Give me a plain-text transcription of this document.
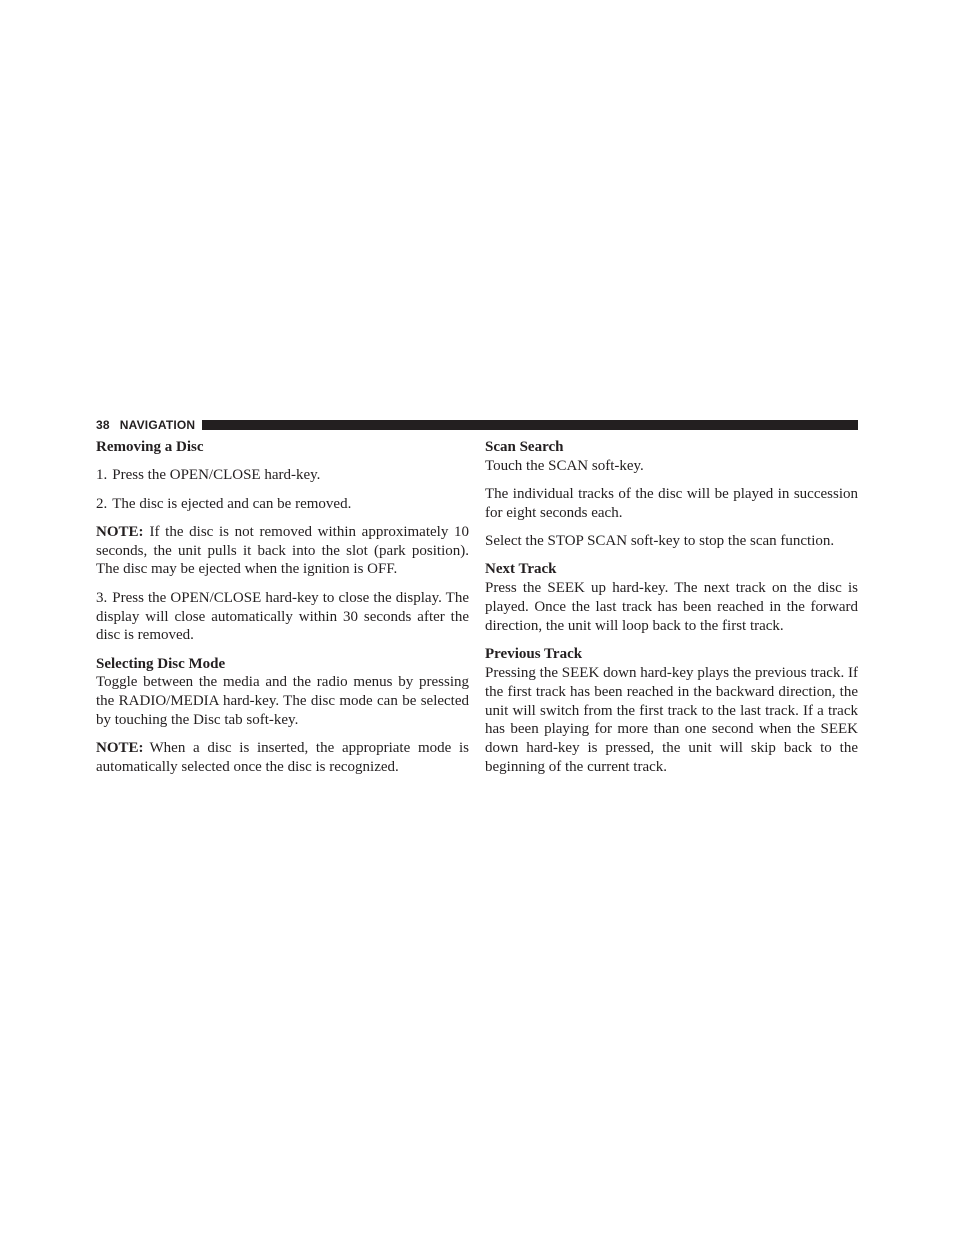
38 NAVIGATION
Removing a Disc

1. Press the OPEN/CLOSE hard-key.

2. The disc is ejected and can be removed.

NOTE: If the disc is not removed within approximately 10 seconds, the unit pulls it back into the slot (park position). The disc may be ejected when the ignition is OFF.

3. Press the OPEN/CLOSE hard-key to close the display. The display will close automatically within 30 seconds after the disc is removed.

Selecting Disc Mode

Toggle between the media and the radio menus by pressing the RADIO/MEDIA hard-key. The disc mode can be selected by touching the Disc tab soft-key.

NOTE: When a disc is inserted, the appropriate mode is automatically selected once the disc is recognized.

Scan Search

Touch the SCAN soft-key.

The individual tracks of the disc will be played in succession for eight seconds each.

Select the STOP SCAN soft-key to stop the scan function.

Next Track

Press the SEEK up hard-key. The next track on the disc is played. Once the last track has been reached in the forward direction, the unit will loop back to the first track.

Previous Track

Pressing the SEEK down hard-key plays the previous track. If the first track has been reached in the backward direction, the unit will switch from the first track to the last track. If a track has been playing for more than one second when the SEEK down hard-key is pressed, the unit will skip back to the beginning of the current track.
